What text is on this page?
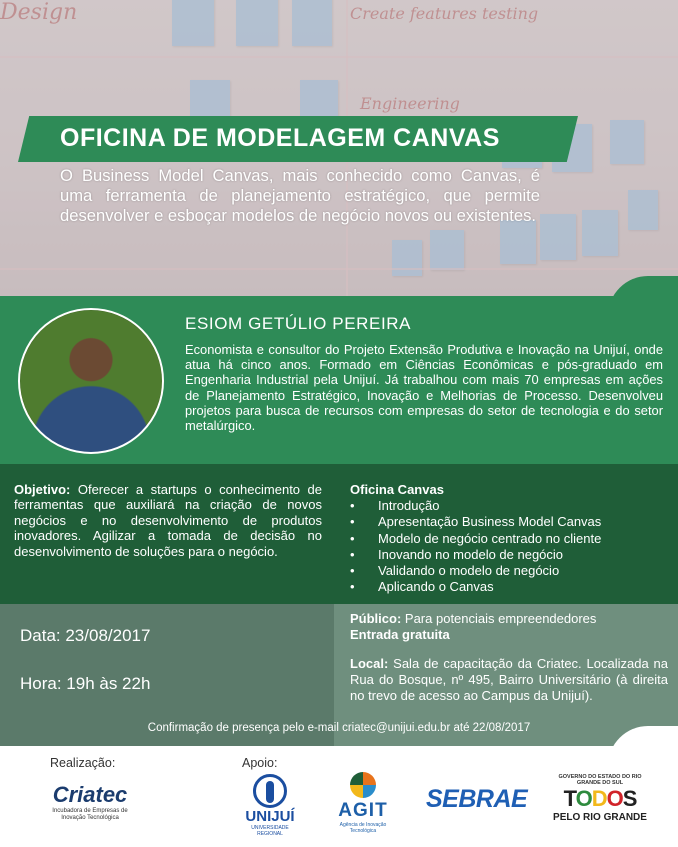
Create features testing
Engineering
Design
OFICINA DE MODELAGEM CANVAS
O Business Model Canvas, mais conhecido como Canvas, é uma ferramenta de planejamento estratégico, que permite desenvolver e esboçar modelos de negócio novos ou existentes.
ESIOM GETÚLIO PEREIRA
Economista e consultor do Projeto Extensão Produtiva e Inovação na Unijuí, onde atua há cinco anos. Formado em Ciências Econômicas e pós-graduado em Engenharia Industrial pela Unijuí. Já trabalhou com mais 70 empresas em ações de Planejamento Estratégico, Inovação e Melhorias de Processo. Desenvolveu projetos para busca de recursos com empresas do setor de tecnologia e do setor metalúrgico.
Objetivo: Oferecer a startups o conhecimento de ferramentas que auxiliará na criação de novos negócios e no desenvolvimento de produtos inovadores. Agilizar a tomada de decisão no desenvolvimento de soluções para o negócio.
Oficina Canvas
• Introdução
• Apresentação Business Model Canvas
• Modelo de negócio centrado no cliente
• Inovando no modelo de negócio
• Validando o modelo de negócio
• Aplicando o Canvas
Data: 23/08/2017
Hora: 19h às 22h
Público: Para potenciais empreendedores
Entrada gratuita
Local: Sala de capacitação da Criatec. Localizada na Rua do Bosque, nº 495, Bairro Universitário (à direita no trevo de acesso ao Campus da Unijuí).
Confirmação de presença pelo e-mail criatec@unijui.edu.br até 22/08/2017
Realização:	Apoio:
Criatec
Incubadora de Empresas de Inovação Tecnológica	UNIJUÍ
UNIVERSIDADE REGIONAL
AGIT
Agência de Inovação Tecnológica
SEBRAE
GOVERNO DO ESTADO DO RIO GRANDE DO SUL
TODOS
PELO RIO GRANDE
